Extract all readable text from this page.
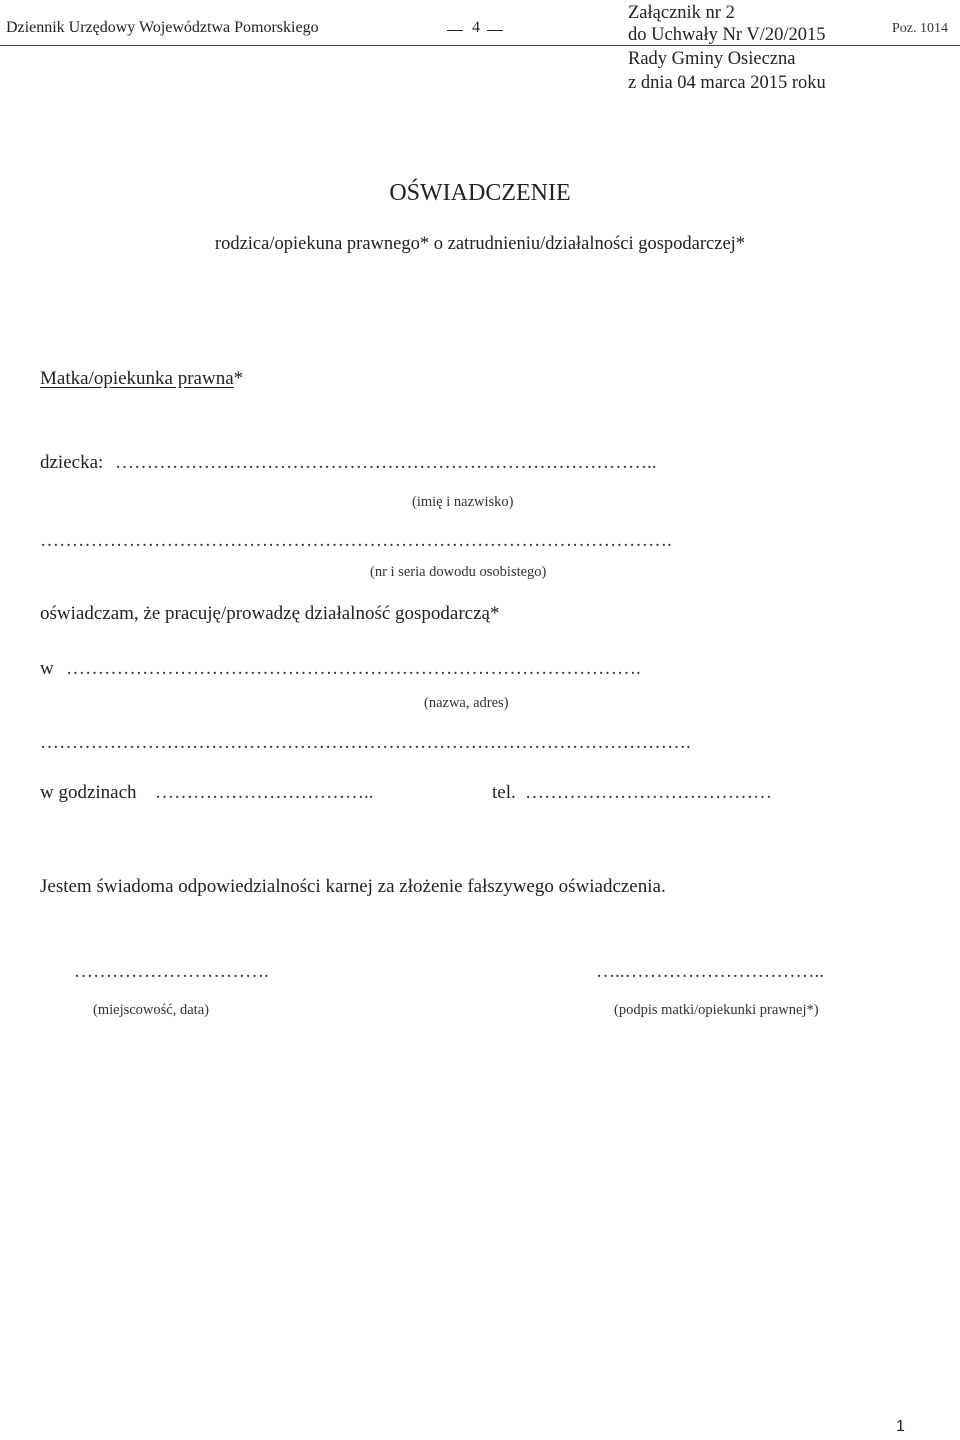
Dziennik Urzędowy Województwa Pomorskiego	4	Poz. 1014
Załącznik nr 2
do Uchwały Nr V/20/2015
Rady Gminy Osieczna
z dnia 04 marca 2015 roku
OŚWIADCZENIE
rodzica/opiekuna prawnego* o zatrudnieniu/działalności gospodarczej*
Matka/opiekunka prawna*
dziecka: …………………………………………………………………………..
(imię i nazwisko)
……………………………………………………………………………………….
(nr i seria dowodu osobistego)
oświadczam, że pracuję/prowadzę działalność gospodarczą*
w ……………………………………………………………………………….
(nazwa, adres)
………………………………………………………………………………………….
w godzinach ……………………………..	tel. …………………………………
Jestem świadoma odpowiedzialności karnej za złożenie fałszywego oświadczenia.
………………………….
(miejscowość, data)
…..…………………………..
(podpis matki/opiekunki prawnej*)
1
